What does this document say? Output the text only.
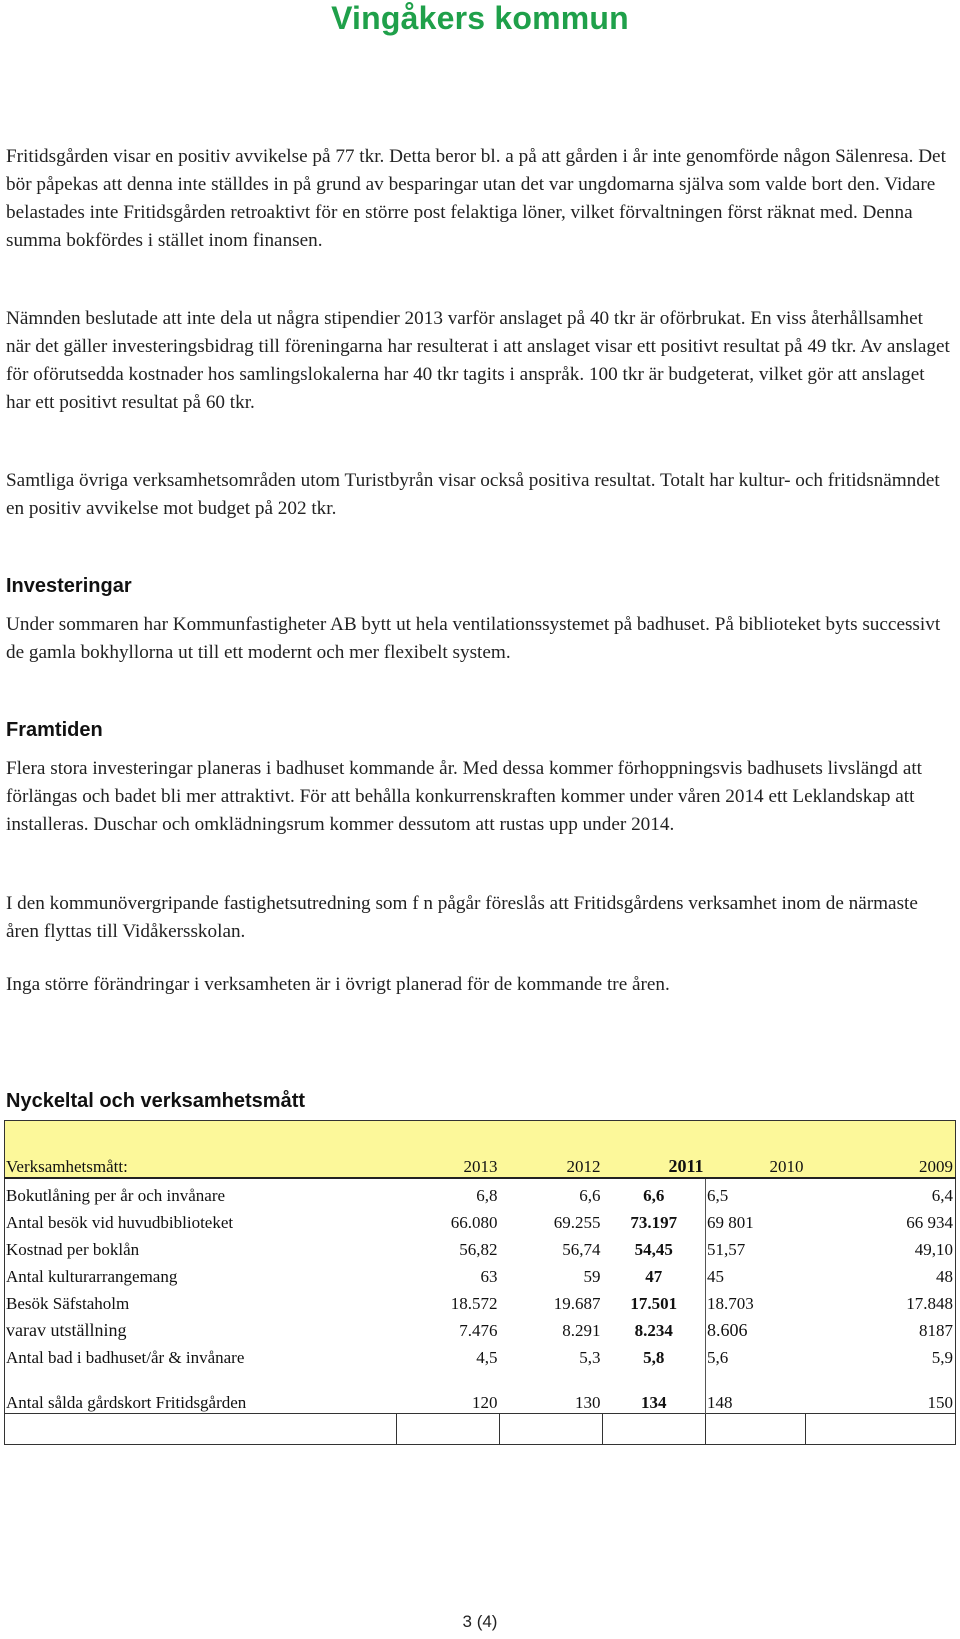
Vingåkers kommun

Fritidsgården visar en positiv avvikelse på 77 tkr. Detta beror bl. a på att gården i år inte genomförde någon Sälenresa. Det bör påpekas att denna inte ställdes in på grund av besparingar utan det var ungdomarna själva som valde bort den. Vidare belastades inte Fritidsgården retroaktivt för en större post felaktiga löner, vilket förvaltningen först räknat med. Denna summa bokfördes i stället inom finansen.

Nämnden beslutade att inte dela ut några stipendier 2013 varför anslaget på 40 tkr är oförbrukat. En viss återhållsamhet när det gäller investeringsbidrag till föreningarna har resulterat i att anslaget visar ett positivt resultat på 49 tkr. Av anslaget för oförutsedda kostnader hos samlingslokalerna har 40 tkr tagits i anspråk. 100 tkr är budgeterat, vilket gör att anslaget har ett positivt resultat på 60 tkr.

Samtliga övriga verksamhetsområden utom Turistbyrån visar också positiva resultat. Totalt har kultur- och fritidsnämndet en positiv avvikelse mot budget på 202 tkr.

Investeringar

Under sommaren har Kommunfastigheter AB bytt ut hela ventilationssystemet på badhuset. På biblioteket byts successivt de gamla bokhyllorna ut till ett modernt och mer flexibelt system.

Framtiden

Flera stora investeringar planeras i badhuset kommande år. Med dessa kommer förhoppningsvis badhusets livslängd att förlängas och badet bli mer attraktivt. För att behålla konkurrenskraften kommer under våren 2014 ett Leklandskap att installeras. Duschar och omklädningsrum kommer dessutom att rustas upp under 2014.

I den kommunövergripande fastighetsutredning som f n pågår föreslås att Fritidsgårdens verksamhet inom de närmaste åren flyttas till Vidåkersskolan.

Inga större förändringar i verksamheten är i övrigt planerad för de kommande tre åren.

Nyckeltal och verksamhetsmått

Verksamhetsmått:	2013	2012	2011	2010	2009
Bokutlåning per år och invånare	6,8	6,6	6,6	6,5	6,4
Antal besök vid huvudbiblioteket	66.080	69.255	73.197	69 801	66 934
Kostnad per boklån	56,82	56,74	54,45	51,57	49,10
Antal kulturarrangemang	63	59	47	45	48
Besök Säfstaholm	18.572	19.687	17.501	18.703	17.848
varav utställning	7.476	8.291	8.234	8.606	8187
Antal bad i badhuset/år & invånare	4,5	5,3	5,8	5,6	5,9

Antal sålda gårdskort Fritidsgården	120	130	134	148	150

3 (4)
